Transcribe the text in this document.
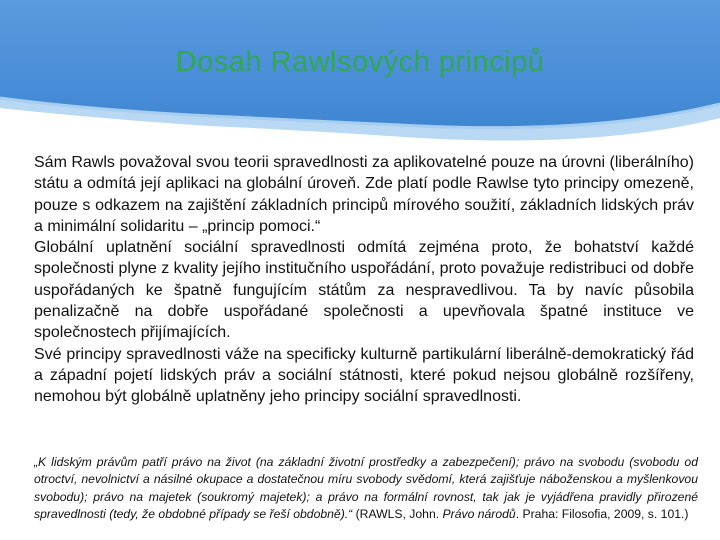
Dosah Rawlsových principů

Sám Rawls považoval svou teorii spravedlnosti za aplikovatelné pouze na úrovni (liberálního) státu a odmítá její aplikaci na globální úroveň. Zde platí podle Rawlse tyto principy omezeně, pouze s odkazem na zajištění základních principů mírového soužití, základních lidských práv a minimální solidaritu – „princip pomoci.“

Globální uplatnění sociální spravedlnosti odmítá zejména proto, že bohatství každé společnosti plyne z kvality jejího institučního uspořádání, proto považuje redistribuci od dobře uspořádaných ke špatně fungujícím státům za nespravedlivou. Ta by navíc působila penalizačně na dobře uspořádané společnosti a upevňovala špatné instituce ve společnostech přijímajících.

Své principy spravedlnosti váže na specificky kulturně partikulární liberálně-demokratický řád a západní pojetí lidských práv a sociální státnosti, které pokud nejsou globálně rozšířeny, nemohou být globálně uplatněny jeho principy sociální spravedlnosti.

„K lidským právům patří právo na život (na základní životní prostředky a zabezpečení); právo na svobodu (svobodu od otroctví, nevolnictví a násilné okupace a dostatečnou míru svobody svědomí, která zajišťuje náboženskou a myšlenkovou svobodu); právo na majetek (soukromý majetek); a právo na formální rovnost, tak jak je vyjádřena pravidly přirozené spravedlnosti (tedy, že obdobné případy se řeší obdobně).“ (RAWLS, John. Právo národů. Praha: Filosofia, 2009, s. 101.)
